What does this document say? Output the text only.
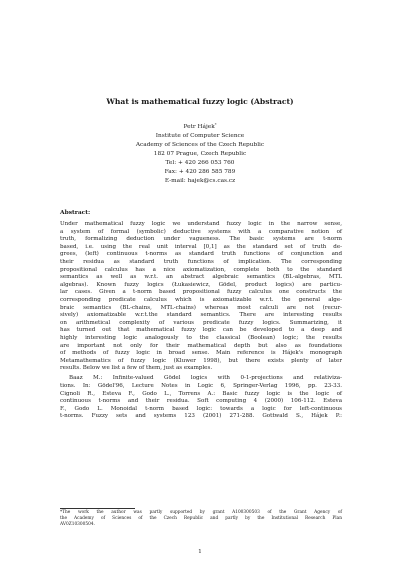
What is mathematical fuzzy logic (Abstract)
Petr Hájek*
Institute of Computer Science
Academy of Sciences of the Czech Republic
182 07 Prague, Czech Republic
Tel: + 420 266 053 760
Fax: + 420 286 585 789
E-mail: hajek@cs.cas.cz
Abstract:
Under mathematical fuzzy logic we understand fuzzy logic in the narrow sense,
a system of formal (symbolic) deductive systems with a comparative notion of
truth, formalizing deduction under vagueness. The basic systems are t-norm
based, i.e. using the real unit interval [0,1] as the standard set of truth de-
grees, (left) continuous t-norms as standard truth functions of conjunction and
their residua as standard truth functions of implication. The corresponding
propositional calculus has a nice axiomatization, complete both to the standard
semantics as well as w.r.t. an abstract algebraic semantics (BL-algebras, MTL
algebras). Known fuzzy logics (Łukasiewicz, Gödel, product logics) are particu-
lar cases. Given a t-norm based propositional fuzzy calculus one constructs the
corresponding predicate calculus which is axiomatizable w.r.t. the general alge-
braic semantics (BL-chains, MTL-chains) whereas most calculi are not (recur-
sively) axiomatizable w.r.t.the standard semantics. There are interesting results
on arithmetical complexity of various predicate fuzzy logics. Summarizing, it
has turned out that mathematical fuzzy logic can be developed to a deep and
highly interesting logic analogously to the classical (Boolean) logic; the results
are important not only for their mathematical depth but also as foundations
of methods of fuzzy logic in broad sense. Main reference is Hájek's monograph
Metamathematics of fuzzy logic (Kluwer 1998), but there exists plenty of later
results. Below we list a few of them, just as examples.
Baaz M.: Infinite-valued Gödel logics with 0-1-projections and relativiza-
tions. In: Gödel'96, Lecture Notes in Logic 6, Springer-Verlag 1996, pp. 23-33.
Cignoli R., Esteva F., Godo L., Torrens A.: Basic fuzzy logic is the logic of
continuous t-norms and their residua. Soft computing 4 (2000) 106-112. Esteva
F., Godo L. Monoidal t-norm based logic: towards a logic for left-continuous
t-norms. Fuzzy sets and systems 123 (2001) 271-288. Gottwald S., Hájek P.:
*The work the author was partly supported by grant A100300503 of the Grant Agency of
the Academy of Sciences of the Czech Republic and partly by the Institutional Research Plan
AV0Z10300504.
1
